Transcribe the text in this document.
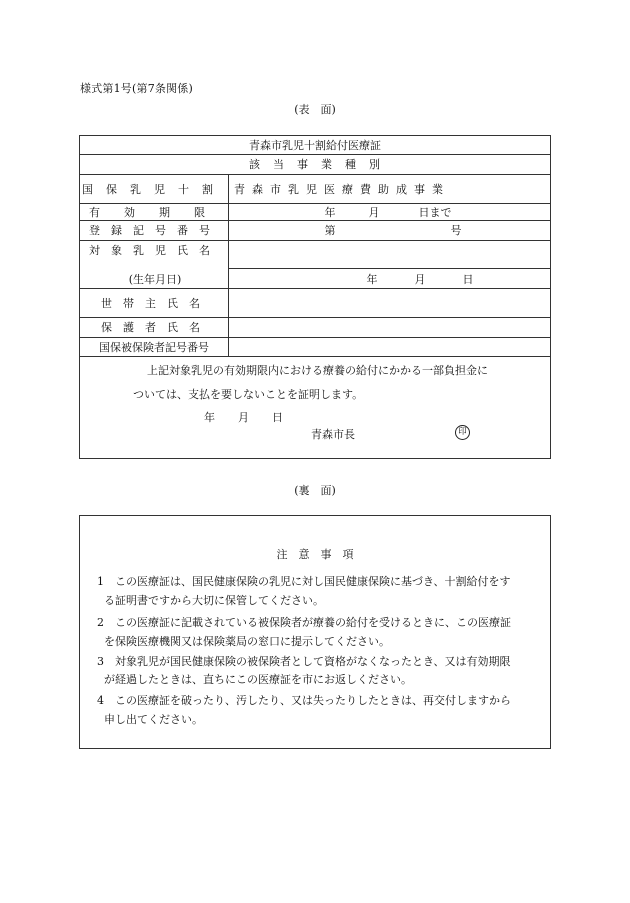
様式第1号(第7条関係)
(表　面)
青森市乳児十割給付医療証
該　当　事　業　種　別
国保乳児十割 青森市乳児医療費助成事業
有効期限	年	月	日まで
登録記号番号	第	号
対象乳児氏名
(生年月日)	年	月	日
世帯主氏名
保護者氏名
国保被保険者記号番号
上記対象乳児の有効期限内における療養の給付にかかる一部負担金に
ついては、支払を要しないことを証明します。
年 月 日
青森市長	印
(裏　面)
注　意　事　項
1　この医療証は、国民健康保険の乳児に対し国民健康保険に基づき、十割給付をす
る証明書ですから大切に保管してください。
2　この医療証に記載されている被保険者が療養の給付を受けるときに、この医療証
を保険医療機関又は保険薬局の窓口に提示してください。
3　対象乳児が国民健康保険の被保険者として資格がなくなったとき、又は有効期限
が経過したときは、直ちにこの医療証を市にお返しください。
4　この医療証を破ったり、汚したり、又は失ったりしたときは、再交付しますから
申し出てください。
